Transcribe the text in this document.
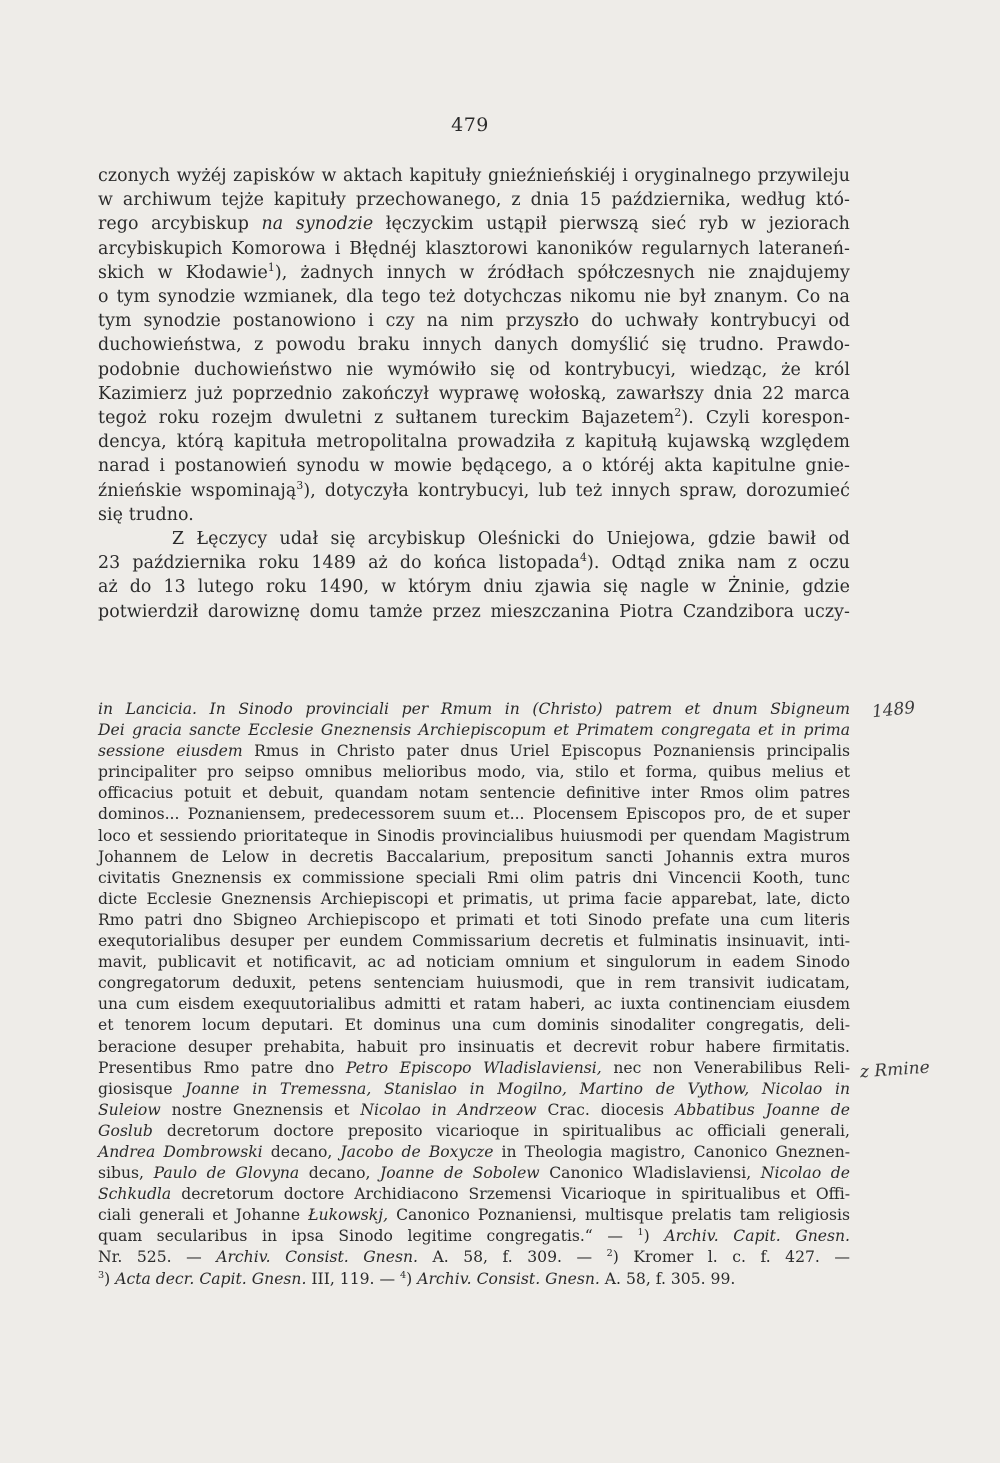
479
czonych wyżéj zapisków w aktach kapituły gnieźnieńskiéj i oryginalnego przywileju
w archiwum tejże kapituły przechowanego, z dnia 15 października, według któ-
rego arcybiskup na synodzie łęczyckim ustąpił pierwszą sieć ryb w jeziorach
arcybiskupich Komorowa i Błędnéj klasztorowi kanoników regularnych lateraneń-
skich w Kłodawie$^1$), żadnych innych w źródłach spółczesnych nie znajdujemy
o tym synodzie wzmianek, dla tego też dotychczas nikomu nie był znanym. Co na
tym synodzie postanowiono i czy na nim przyszło do uchwały kontrybucyi od
duchowieństwa, z powodu braku innych danych domyślić się trudno. Prawdo-
podobnie duchowieństwo nie wymówiło się od kontrybucyi, wiedząc, że król
Kazimierz już poprzednio zakończył wyprawę wołoską, zawarłszy dnia 22 marca
tegoż roku rozejm dwuletni z sułtanem tureckim Bajazetem$^2$). Czyli korespon-
dencya, którą kapituła metropolitalna prowadziła z kapitułą kujawską względem
narad i postanowień synodu w mowie będącego, a o któréj akta kapitulne gnie-
źnieńskie wspominają$^3$), dotyczyła kontrybucyi, lub też innych spraw, dorozumieć
się trudno.
Z Łęczycy udał się arcybiskup Oleśnicki do Uniejowa, gdzie bawił od
23 października roku 1489 aż do końca listopada$^4$). Odtąd znika nam z oczu
aż do 13 lutego roku 1490, w którym dniu zjawia się nagle w Żninie, gdzie
potwierdził darowiznę domu tamże przez mieszczanina Piotra Czandzibora uczy-
in Lancicia. In Sinodo provinciali per Rmum in (Christo) patrem et dnum Sbigneum
Dei gracia sancte Ecclesie Gneznensis Archiepiscopum et Primatem congregata et in prima
sessione eiusdem Rmus in Christo pater dnus Uriel Episcopus Poznaniensis principalis
principaliter pro seipso omnibus melioribus modo, via, stilo et forma, quibus melius et
officacius potuit et debuit, quandam notam sentencie definitive inter Rmos olim patres
dominos... Poznaniensem, predecessorem suum et... Plocensem Episcopos pro, de et super
loco et sessiendo prioritateque in Sinodis provincialibus huiusmodi per quendam Magistrum
Johannem de Lelow in decretis Baccalarium, prepositum sancti Johannis extra muros
civitatis Gneznensis ex commissione speciali Rmi olim patris dni Vincencii Kooth, tunc
dicte Ecclesie Gneznensis Archiepiscopi et primatis, ut prima facie apparebat, late, dicto
Rmo patri dno Sbigneo Archiepiscopo et primati et toti Sinodo prefate una cum literis
exequtorialibus desuper per eundem Commissarium decretis et fulminatis insinuavit, inti-
mavit, publicavit et notificavit, ac ad noticiam omnium et singulorum in eadem Sinodo
congregatorum deduxit, petens sentenciam huiusmodi, que in rem transivit iudicatam,
una cum eisdem exequutorialibus admitti et ratam haberi, ac iuxta continenciam eiusdem
et tenorem locum deputari. Et dominus una cum dominis sinodaliter congregatis, deli-
beracione desuper prehabita, habuit pro insinuatis et decrevit robur habere firmitatis.
Presentibus Rmo patre dno Petro Episcopo Wladislaviensi, nec non Venerabilibus Reli-
giosisque Joanne in Tremessna, Stanislao in Mogilno, Martino de Vythow, Nicolao in
Suleiow nostre Gneznensis et Nicolao in Andrzeow Crac. diocesis Abbatibus Joanne de
Goslub decretorum doctore preposito vicarioque in spiritualibus ac officiali generali,
Andrea Dombrowski decano, Jacobo de Boxycze in Theologia magistro, Canonico Gneznen-
sibus, Paulo de Glovyna decano, Joanne de Sobolew Canonico Wladislaviensi, Nicolao de
Schkudla decretorum doctore Archidiacono Srzemensi Vicarioque in spiritualibus et Offi-
ciali generali et Johanne Łukowskj, Canonico Poznaniensi, multisque prelatis tam religiosis
quam secularibus in ipsa Sinodo legitime congregatis.“ — $^1$) Archiv. Capit. Gnesn.
Nr. 525. — Archiv. Consist. Gnesn. A. 58, f. 309. — $^2$) Kromer l. c. f. 427. —
$^3$) Acta decr. Capit. Gnesn. III, 119. — $^4$) Archiv. Consist. Gnesn. A. 58, f. 305. 99.
1489
z Rmine
